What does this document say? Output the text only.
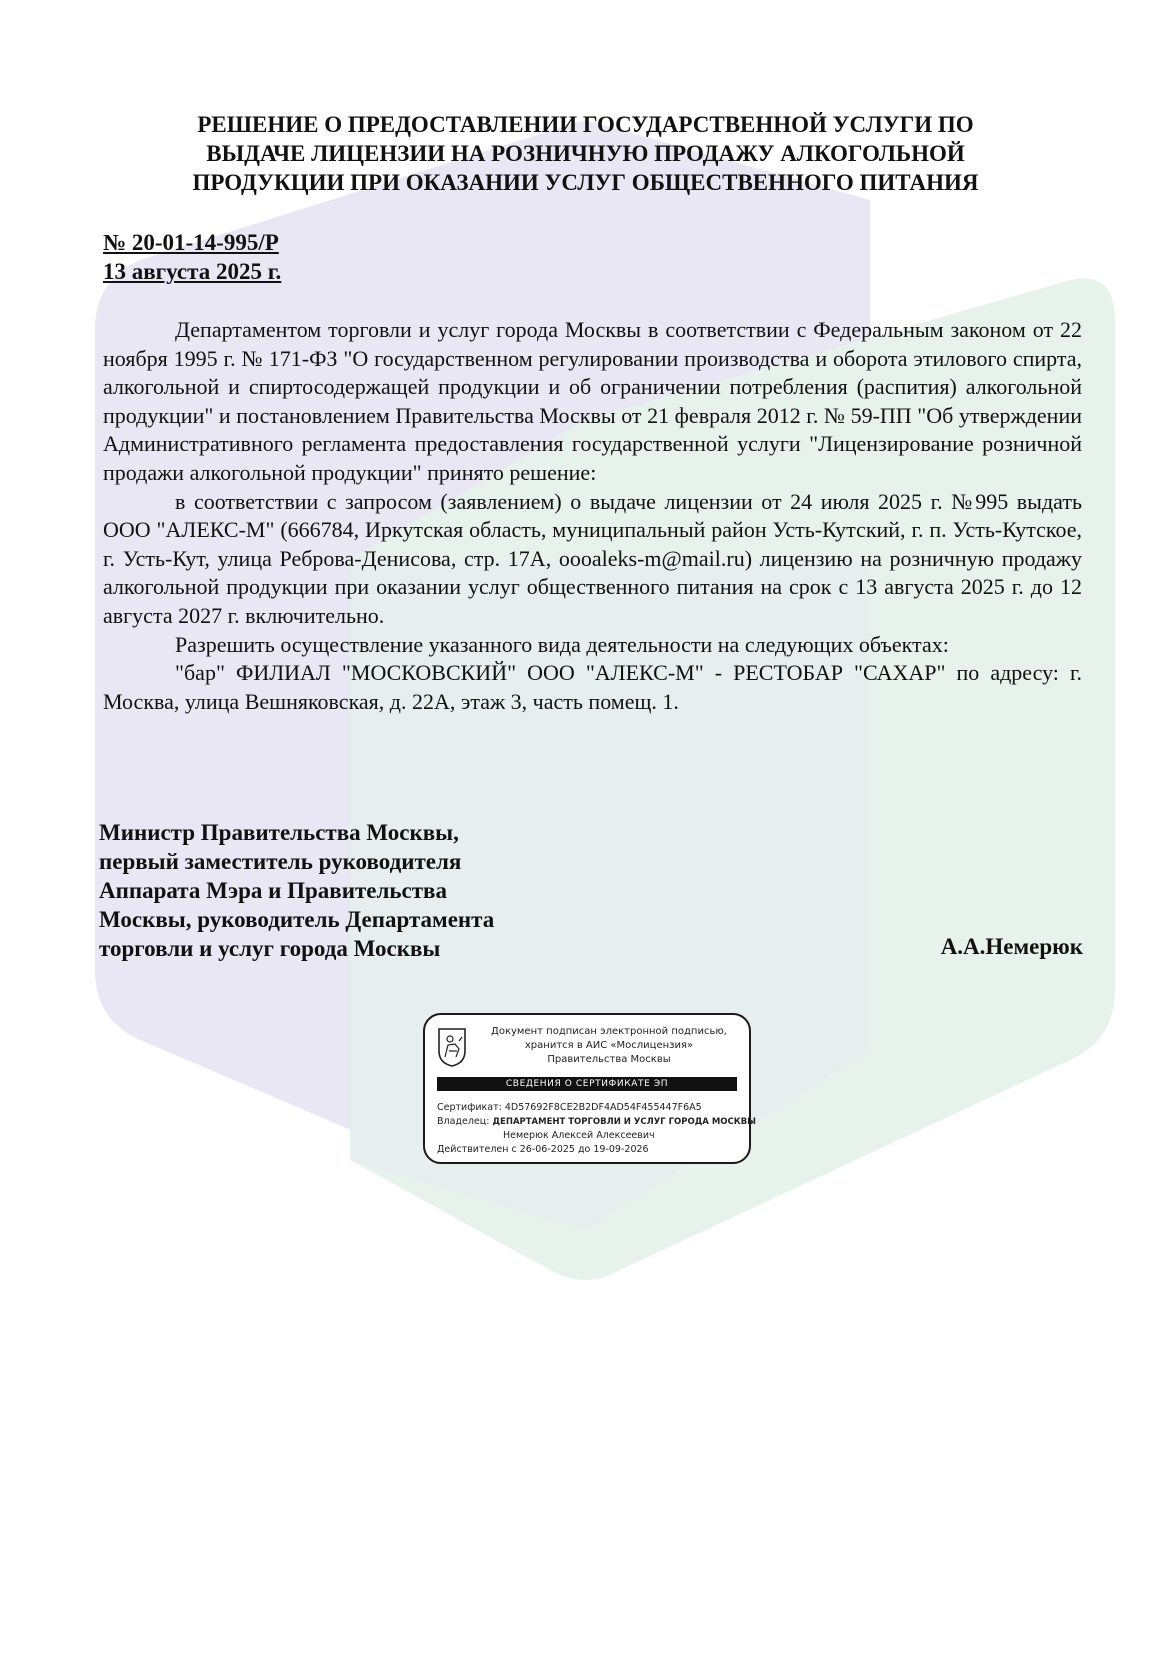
РЕШЕНИЕ О ПРЕДОСТАВЛЕНИИ ГОСУДАРСТВЕННОЙ УСЛУГИ ПО
ВЫДАЧЕ ЛИЦЕНЗИИ НА РОЗНИЧНУЮ ПРОДАЖУ АЛКОГОЛЬНОЙ
ПРОДУКЦИИ ПРИ ОКАЗАНИИ УСЛУГ ОБЩЕСТВЕННОГО ПИТАНИЯ
№ 20-01-14-995/Р
13 августа 2025 г.

Департаментом торговли и услуг города Москвы в соответствии с Федеральным законом от 22 ноября 1995 г. № 171-ФЗ "О государственном регулировании производства и оборота этилового спирта, алкогольной и спиртосодержащей продукции и об ограничении потребления (распития) алкогольной продукции" и постановлением Правительства Москвы от 21 февраля 2012 г. № 59-ПП "Об утверждении Административного регламента предоставления государственной услуги "Лицензирование розничной продажи алкогольной продукции" принято решение:

в соответствии с запросом (заявлением) о выдаче лицензии от 24 июля 2025 г. №995 выдать ООО "АЛЕКС-М" (666784, Иркутская область, муниципальный район Усть-Кутский, г. п. Усть-Кутское, г. Усть-Кут, улица Реброва-Денисова, стр. 17А, oooaleks-m@mail.ru) лицензию на розничную продажу алкогольной продукции при оказании услуг общественного питания на срок с 13 августа 2025 г. до 12 августа 2027 г. включительно.

Разрешить осуществление указанного вида деятельности на следующих объектах:

"бар" ФИЛИАЛ "МОСКОВСКИЙ" ООО "АЛЕКС-М" - РЕСТОБАР "САХАР" по адресу: г. Москва, улица Вешняковская, д. 22А, этаж 3, часть помещ. 1.

Министр Правительства Москвы,
первый заместитель руководителя
Аппарата Мэра и Правительства
Москвы, руководитель Департамента
торговли и услуг города Москвы	А.А.Немерюк
Документ подписан электронной подписью,
хранится в АИС «Мослицензия»
Правительства Москвы
СВЕДЕНИЯ О СЕРТИФИКАТЕ ЭП
Сертификат: 4D57692F8CE2B2DF4AD54F455447F6A5
Владелец: ДЕПАРТАМЕНТ ТОРГОВЛИ И УСЛУГ ГОРОДА МОСКВЫ
Немерюк Алексей Алексеевич
Действителен с 26-06-2025 до 19-09-2026
